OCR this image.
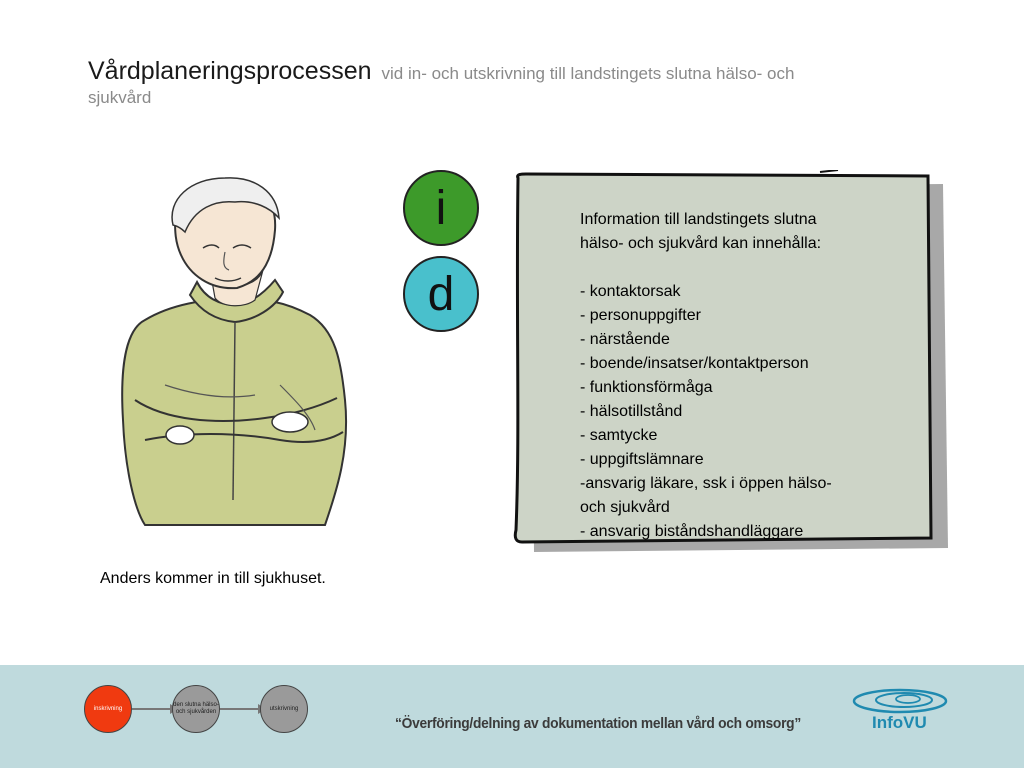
Vårdplaneringsprocessen vid in- och utskrivning till landstingets slutna hälso- och
sjukvård
i
d
Information till landstingets slutna
hälso- och sjukvård kan innehålla:

- kontaktorsak
- personuppgifter
- närstående
- boende/insatser/kontaktperson
- funktionsförmåga
- hälsotillstånd
- samtycke
- uppgiftslämnare
-ansvarig läkare, ssk i öppen hälso-
och sjukvård
- ansvarig biståndshandläggare
Anders kommer in till sjukhuset.
inskrivning
den slutna hälso- och sjukvården
utskrivning
“Överföring/delning av dokumentation mellan vård och omsorg”	InfoVU
